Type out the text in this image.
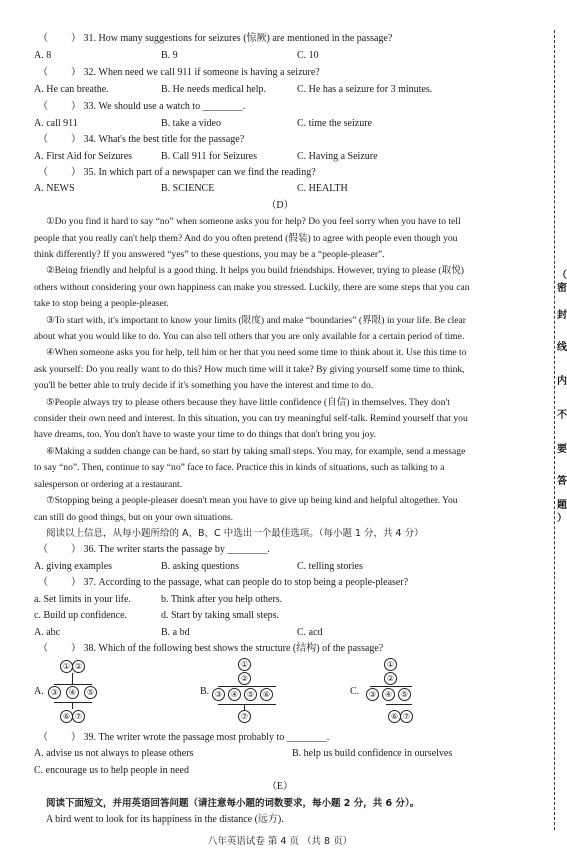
（ ） 31. How many suggestions for seizures (惊厥) are mentioned in the passage?
A. 8	B. 9	C. 10
（ ） 32. When need we call 911 if someone is having a seizure?
A. He can breathe.	B. He needs medical help.	C. He has a seizure for 3 minutes.
（ ） 33. We should use a watch to ________.
A. call 911	B. take a video	C. time the seizure
（ ） 34. What's the best title for the passage?
A. First Aid for Seizures	B. Call 911 for Seizures	C. Having a Seizure
（ ） 35. In which part of a newspaper can we find the reading?
A. NEWS	B. SCIENCE	C. HEALTH
（D）
①Do you find it hard to say “no” when someone asks you for help? Do you feel sorry when you have to tell
people that you really can't help them? And do you often pretend (假装) to agree with people even though you
think differently? If you answered “yes” to these questions, you may be a “people-pleaser”.
②Being friendly and helpful is a good thing. It helps you build friendships. However, trying to please (取悦)
others without considering your own happiness can make you stressed. Luckily, there are some steps that you can
take to stop being a people-pleaser.
③To start with, it's important to know your limits (限度) and make “boundaries” (界限) in your life. Be clear
about what you would like to do. You can also tell others that you are only available for a certain period of time.
④When someone asks you for help, tell him or her that you need some time to think about it. Use this time to
ask yourself: Do you really want to do this? How much time will it take? By giving yourself some time to think,
you'll be better able to truly decide if it's something you have the interest and time to do.
⑤People always try to please others because they have little confidence (自信) in themselves. They don't
consider their own need and interest. In this situation, you can try meaningful self-talk. Remind yourself that you
have dreams, too. You don't have to waste your time to do things that don't bring you joy.
⑥Making a sudden change can be hard, so start by taking small steps. You may, for example, send a message
to say “no”. Then, continue to say “no” face to face. Practice this in kinds of situations, such as talking to a
salesperson or ordering at a restaurant.
⑦Stopping being a people-pleaser doesn't mean you have to give up being kind and helpful altogether. You
can still do good things, but on your own situations.
阅读以上信息，从每小题所给的 A、B、C 中选出一个最佳选项。（每小题 1 分，共 4 分）
（ ） 36. The writer starts the passage by ________.
A. giving examples	B. asking questions	C. telling stories
（ ） 37. According to the passage, what can people do to stop being a people-pleaser?
a. Set limits in your life.	b. Think after you help others.
c. Build up confidence.	d. Start by taking small steps.
A. abc	B. a bd	C. acd
（ ） 38. Which of the following best shows the structure (结构) of the passage?
A.
① ②
③	④	⑤
⑥ ⑦
B.
①
②
③	④	⑤	⑥
⑦
C.
①
②
③	④	⑤
⑥ ⑦
（ ） 39. The writer wrote the passage most probably to ________.
A. advise us not always to please others	B. help us build confidence in ourselves
C. encourage us to help people in need
（E）
阅读下面短文，并用英语回答问题（请注意每小题的词数要求，每小题 2 分，共 6 分）。
A bird went to look for its happiness in the distance (远方).
八年英语试卷 第 4 页 （共 8 页）
（
密
封
线
内
不
要
答
题
）
